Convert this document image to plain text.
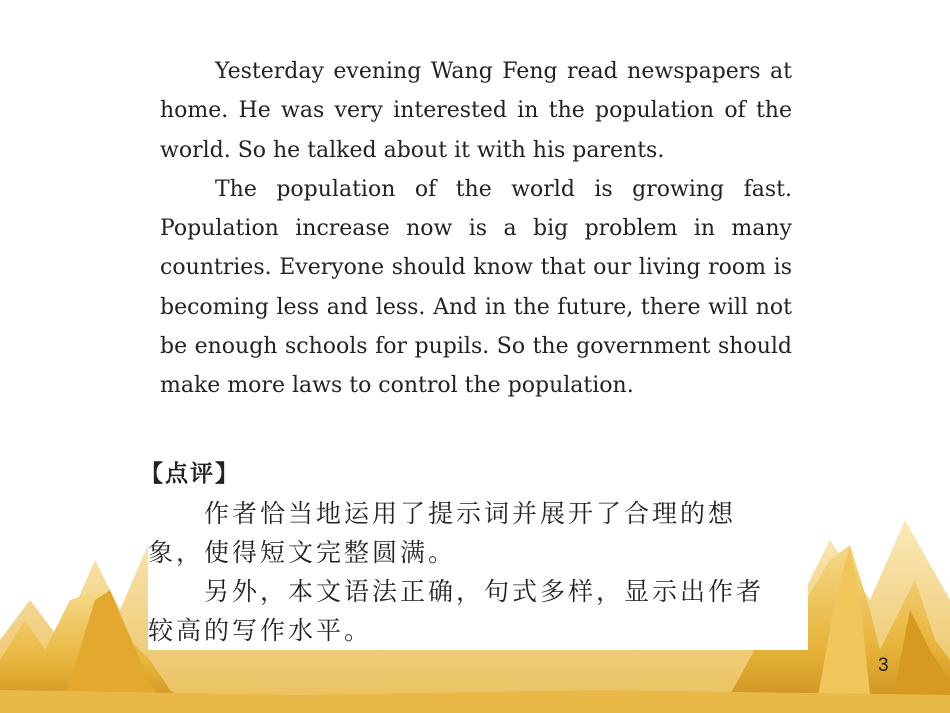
Yesterday evening Wang Feng read newspapers at home. He was very interested in the population of the world. So he talked about it with his parents.

The population of the world is growing fast. Population increase now is a big problem in many countries. Everyone should know that our living room is becoming less and less. And in the future, there will not be enough schools for pupils. So the government should make more laws to control the population.

【点评】

作者恰当地运用了提示词并展开了合理的想象，使得短文完整圆满。

另外，本文语法正确，句式多样，显示出作者较高的写作水平。

3
